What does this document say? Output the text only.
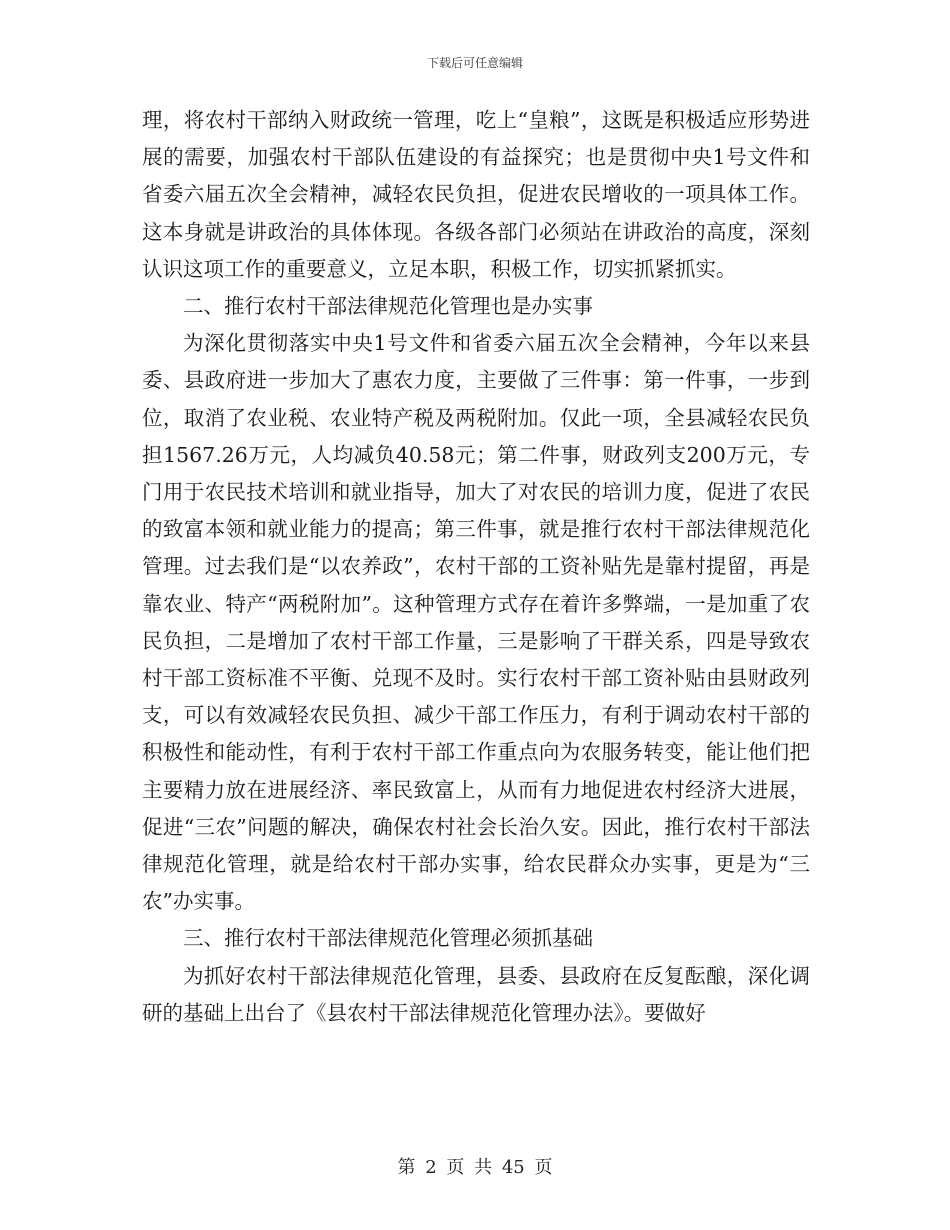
下载后可任意编辑

理，将农村干部纳入财政统一管理，吃上“皇粮”，这既是积极适应形势进展的需要，加强农村干部队伍建设的有益探究；也是贯彻中央1号文件和省委六届五次全会精神，减轻农民负担，促进农民增收的一项具体工作。这本身就是讲政治的具体体现。各级各部门必须站在讲政治的高度，深刻认识这项工作的重要意义，立足本职，积极工作，切实抓紧抓实。

二、推行农村干部法律规范化管理也是办实事

为深化贯彻落实中央1号文件和省委六届五次全会精神，今年以来县委、县政府进一步加大了惠农力度，主要做了三件事：第一件事，一步到位，取消了农业税、农业特产税及两税附加。仅此一项，全县减轻农民负担1567.26万元，人均减负40.58元；第二件事，财政列支200万元，专门用于农民技术培训和就业指导，加大了对农民的培训力度，促进了农民的致富本领和就业能力的提高；第三件事，就是推行农村干部法律规范化管理。过去我们是“以农养政”，农村干部的工资补贴先是靠村提留，再是靠农业、特产“两税附加”。这种管理方式存在着许多弊端，一是加重了农民负担，二是增加了农村干部工作量，三是影响了干群关系，四是导致农村干部工资标准不平衡、兑现不及时。实行农村干部工资补贴由县财政列支，可以有效减轻农民负担、减少干部工作压力，有利于调动农村干部的积极性和能动性，有利于农村干部工作重点向为农服务转变，能让他们把主要精力放在进展经济、率民致富上，从而有力地促进农村经济大进展，促进“三农”问题的解决，确保农村社会长治久安。因此，推行农村干部法律规范化管理，就是给农村干部办实事，给农民群众办实事，更是为“三农”办实事。

三、推行农村干部法律规范化管理必须抓基础

为抓好农村干部法律规范化管理，县委、县政府在反复酝酿，深化调研的基础上出台了《县农村干部法律规范化管理办法》。要做好

第 2 页 共 45 页
